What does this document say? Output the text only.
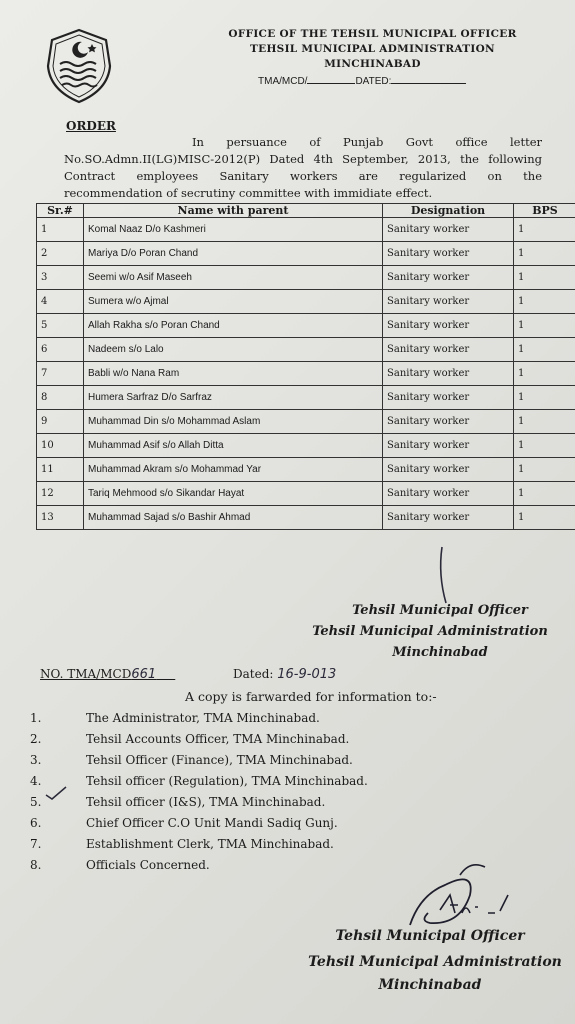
OFFICE OF THE TEHSIL MUNICIPAL OFFICER
TEHSIL MUNICIPAL ADMINISTRATION
MINCHINABAD
TMA/MCD/	DATED:
ORDER
In persuance of Punjab Govt office letter
No.SO.Admn.II(LG)MISC-2012(P) Dated 4th September, 2013, the following
Contract employees Sanitary workers are regularized on the
recommendation of secrutiny committee with immidiate effect.
Sr.#	Name with parent	Designation	BPS
1	Komal Naaz D/o Kashmeri	Sanitary worker	1
2	Mariya D/o Poran Chand	Sanitary worker	1
3	Seemi w/o Asif Maseeh	Sanitary worker	1
4	Sumera w/o Ajmal	Sanitary worker	1
5	Allah Rakha s/o Poran Chand	Sanitary worker	1
6	Nadeem s/o Lalo	Sanitary worker	1
7	Babli w/o Nana Ram	Sanitary worker	1
8	Humera Sarfraz D/o Sarfraz	Sanitary worker	1
9	Muhammad Din s/o Mohammad Aslam	Sanitary worker	1
10	Muhammad Asif s/o Allah Ditta	Sanitary worker	1
11	Muhammad Akram s/o Mohammad Yar	Sanitary worker	1
12	Tariq Mehmood s/o Sikandar Hayat	Sanitary worker	1
13	Muhammad Sajad s/o Bashir Ahmad	Sanitary worker	1
Tehsil Municipal Officer
Tehsil Municipal Administration
Minchinabad
NO. TMA/MCD661	Dated: 16-9-013
A copy is farwarded for information to:-
1.	The Administrator, TMA Minchinabad.
2.	Tehsil Accounts Officer, TMA Minchinabad.
3.	Tehsil Officer (Finance), TMA Minchinabad.
4.	Tehsil officer (Regulation), TMA Minchinabad.
5.	Tehsil officer (I&S), TMA Minchinabad.
6.	Chief Officer C.O Unit Mandi Sadiq Gunj.
7.	Establishment Clerk, TMA Minchinabad.
8.	Officials Concerned.
Tehsil Municipal Officer
Tehsil Municipal Administration
Minchinabad
